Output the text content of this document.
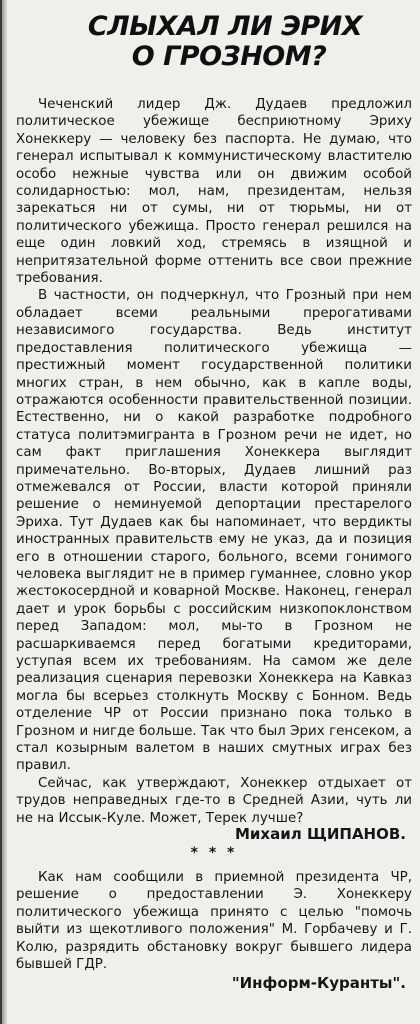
СЛЫХАЛ ЛИ ЭРИХ
О ГРОЗНОМ?

Чеченский лидер Дж. Дудаев предложил политическое убежище бесприютному Эриху Хонеккеру — человеку без паспорта. Не думаю, что генерал испытывал к коммунистическому властителю особо нежные чувства или он движим особой солидарностью: мол, нам, президентам, нельзя зарекаться ни от сумы, ни от тюрьмы, ни от политического убежища. Просто генерал решился на еще один ловкий ход, стремясь в изящной и непритязательной форме оттенить все свои прежние требования.

В частности, он подчеркнул, что Грозный при нем обладает всеми реальными прерогативами независимого государства. Ведь институт предоставления политического убежища — престижный момент государственной политики многих стран, в нем обычно, как в капле воды, отражаются особенности правительственной позиции. Естественно, ни о какой разработке подробного статуса политэмигранта в Грозном речи не идет, но сам факт приглашения Хонеккера выглядит примечательно. Во-вторых, Дудаев лишний раз отмежевался от России, власти которой приняли решение о неминуемой депортации престарелого Эриха. Тут Дудаев как бы напоминает, что вердикты иностранных правительств ему не указ, да и позиция его в отношении старого, больного, всеми гонимого человека выглядит не в пример гуманнее, словно укор жестокосердной и коварной Москве. Наконец, генерал дает и урок борьбы с российским низкопоклонством перед Западом: мол, мы-то в Грозном не расшаркиваемся перед богатыми кредиторами, уступая всем их требованиям. На самом же деле реализация сценария перевозки Хонеккера на Кавказ могла бы всерьез столкнуть Москву с Бонном. Ведь отделение ЧР от России признано пока только в Грозном и нигде больше. Так что был Эрих генсеком, а стал козырным валетом в наших смутных играх без правил.

Сейчас, как утверждают, Хонеккер отдыхает от трудов неправедных где-то в Средней Азии, чуть ли не на Иссык-Куле. Может, Терек лучше?

Михаил ЩИПАНОВ.
* * *

Как нам сообщили в приемной президента ЧР, решение о предоставлении Э. Хонеккеру политического убежища принято с целью "помочь выйти из щекотливого положения" М. Горбачеву и Г. Колю, разрядить обстановку вокруг бывшего лидера бывшей ГДР.

"Информ-Куранты".
